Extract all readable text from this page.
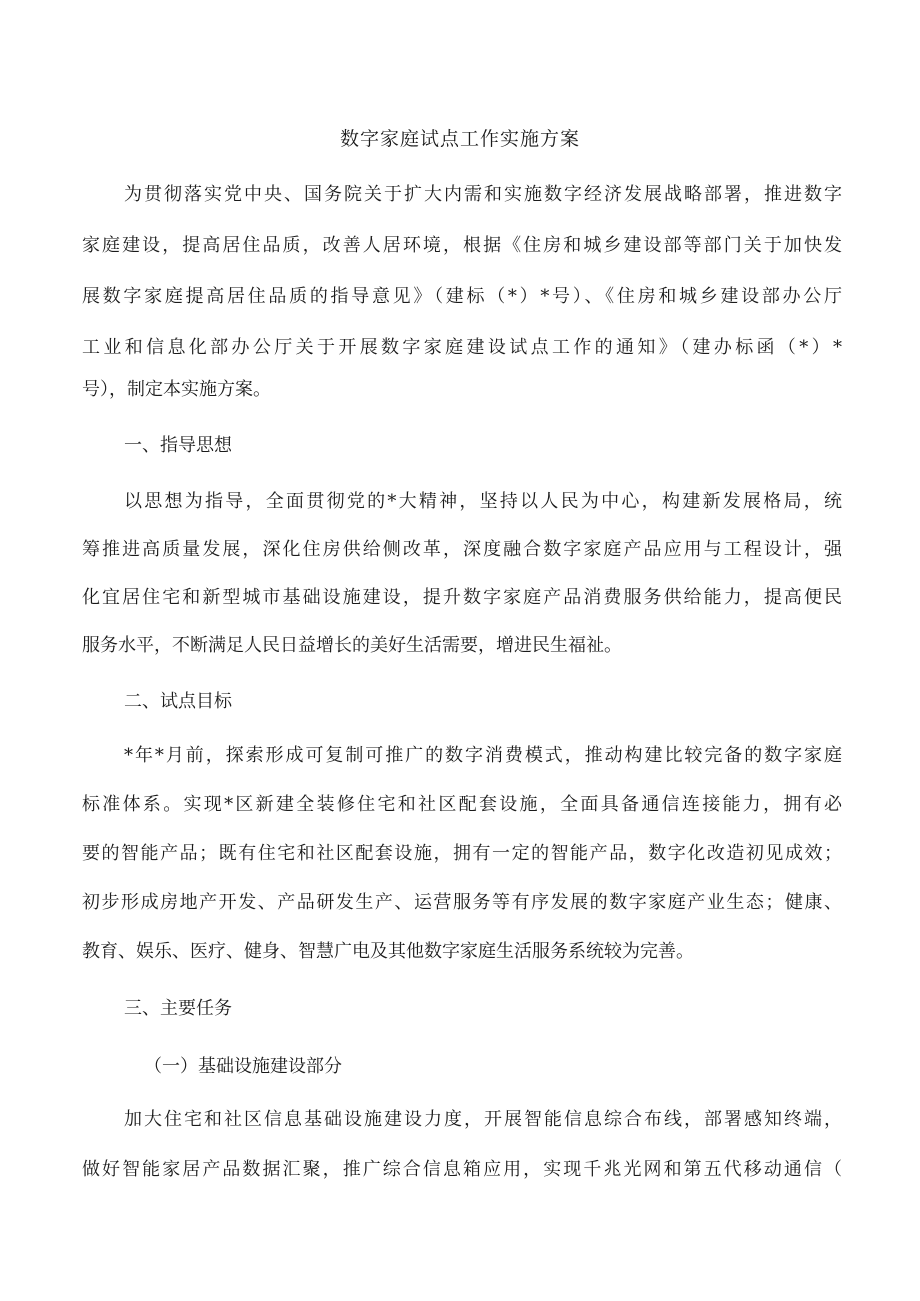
数字家庭试点工作实施方案
为贯彻落实党中央、国务院关于扩大内需和实施数字经济发展战略部署，推进数字
家庭建设，提高居住品质，改善人居环境，根据《住房和城乡建设部等部门关于加快发
展数字家庭提高居住品质的指导意见》（建标（*）*号）、《住房和城乡建设部办公厅
工业和信息化部办公厅关于开展数字家庭建设试点工作的通知》（建办标函（*）*
号），制定本实施方案。
一、指导思想
以思想为指导，全面贯彻党的*大精神，坚持以人民为中心，构建新发展格局，统
筹推进高质量发展，深化住房供给侧改革，深度融合数字家庭产品应用与工程设计，强
化宜居住宅和新型城市基础设施建设，提升数字家庭产品消费服务供给能力，提高便民
服务水平，不断满足人民日益增长的美好生活需要，增进民生福祉。
二、试点目标
*年*月前，探索形成可复制可推广的数字消费模式，推动构建比较完备的数字家庭
标准体系。实现*区新建全装修住宅和社区配套设施，全面具备通信连接能力，拥有必
要的智能产品；既有住宅和社区配套设施，拥有一定的智能产品，数字化改造初见成效；
初步形成房地产开发、产品研发生产、运营服务等有序发展的数字家庭产业生态；健康、
教育、娱乐、医疗、健身、智慧广电及其他数字家庭生活服务系统较为完善。
三、主要任务
（一）基础设施建设部分
加大住宅和社区信息基础设施建设力度，开展智能信息综合布线，部署感知终端，
做好智能家居产品数据汇聚，推广综合信息箱应用，实现千兆光网和第五代移动通信（
